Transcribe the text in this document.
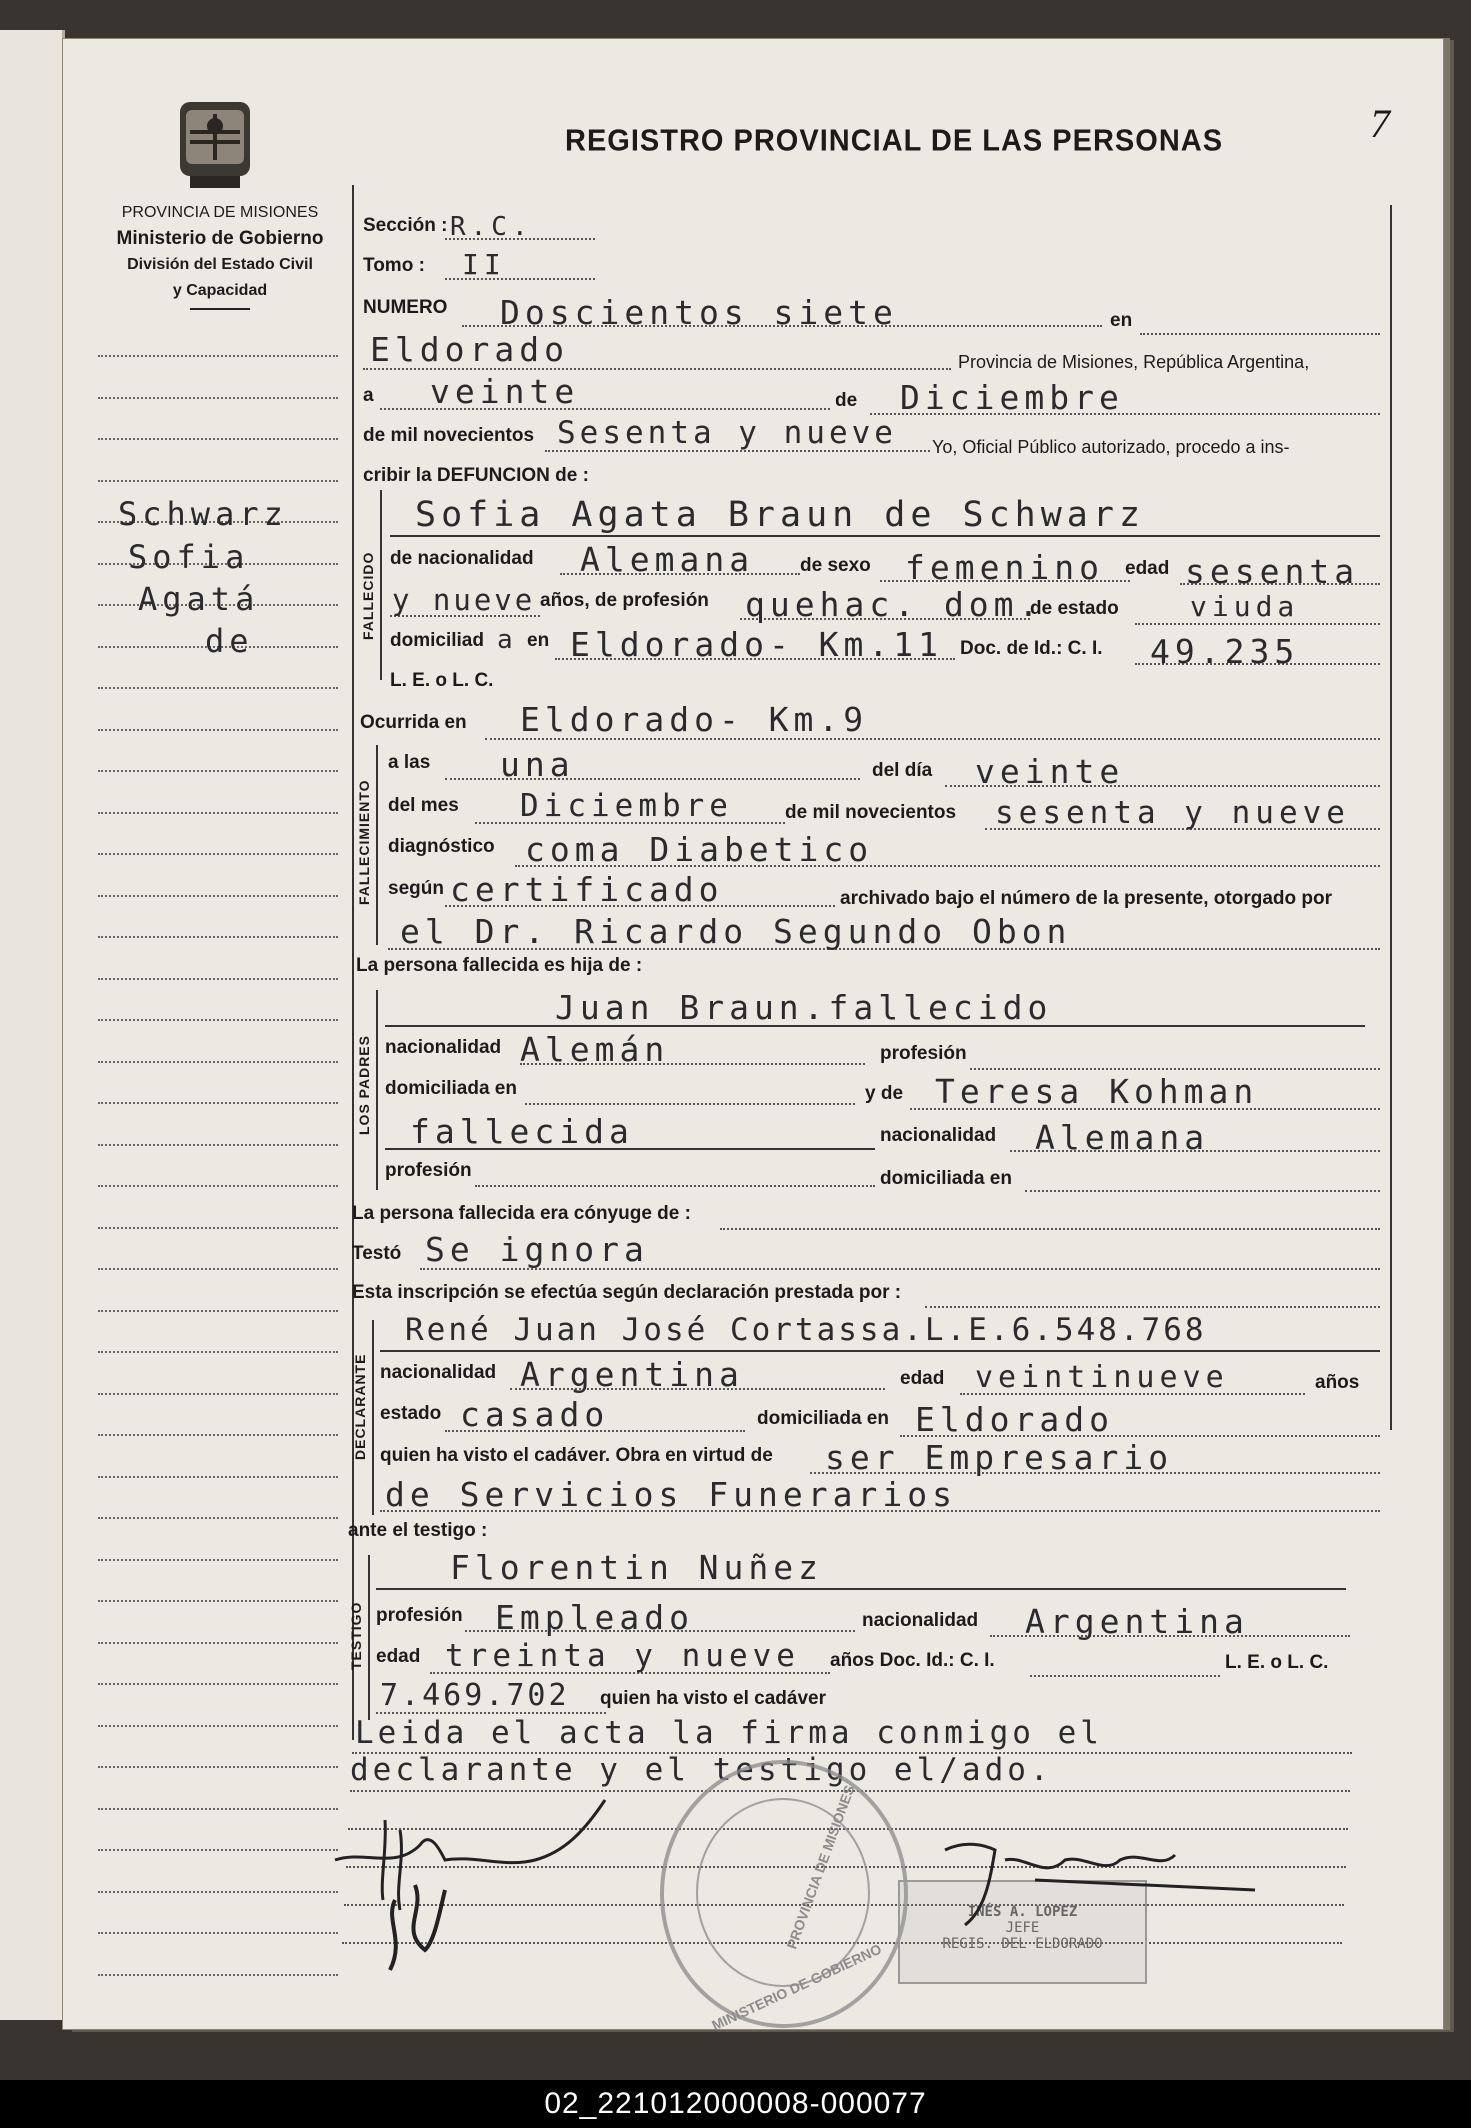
7
PROVINCIA DE MISIONES
Ministerio de Gobierno
División del Estado Civil
y Capacidad
REGISTRO PROVINCIAL DE LAS PERSONAS
Schwarz
Sofia
Agatá
de
Sección : R.C.
Tomo : II
NUMERO Doscientos siete	en
Eldorado	Provincia de Misiones, República Argentina,
a veinte	de Diciembre
de mil novecientos Sesenta y nueve Yo, Oficial Público autorizado, procedo a ins-
cribir la DEFUNCION de :
FALLECIDO
Sofia Agata Braun de Schwarz
de nacionalidad Alemana de sexo femenino edad sesenta
y nueve años, de profesión quehac. dom.
de estado	viuda
domiciliad a en Eldorado- Km.11 Doc. de Id.: C. I. 49.235
L. E. o L. C.
Ocurrida en Eldorado- Km.9
FALLECIMIENTO
a las una	del día veinte
del mes Diciembre	de mil novecientos sesenta y nueve
diagnóstico coma Diabetico
según certificado	archivado bajo el número de la presente, otorgado por
el Dr. Ricardo Segundo Obon
La persona fallecida es hija de :
LOS PADRES
Juan Braun.fallecido
nacionalidad Alemán	profesión
domiciliada en	y de Teresa Kohman
fallecida	nacionalidad Alemana
profesión	domiciliada en
La persona fallecida era cónyuge de :
Testó Se ignora
Esta inscripción se efectúa según declaración prestada por :
DECLARANTE
René Juan José Cortassa.L.E.6.548.768
nacionalidad Argentina	edad veintinueve	años
estado casado	domiciliada en Eldorado
quien ha visto el cadáver. Obra en virtud de ser Empresario
de Servicios Funerarios
ante el testigo :
TESTIGO
Florentin Nuñez
profesión Empleado	nacionalidad Argentina
edad treinta y nueve años Doc. Id.: C. I.	L. E. o L. C.
7.469.702 quien ha visto el cadáver
Leida el acta la firma conmigo el
declarante y el testigo el/ado.
PROVINCIA DE MISIONES
MINISTERIO DE GOBIERNO
INÉS A. LOPEZ
JEFE
REGIS. DEL ELDORADO
02_221012000008-000077
